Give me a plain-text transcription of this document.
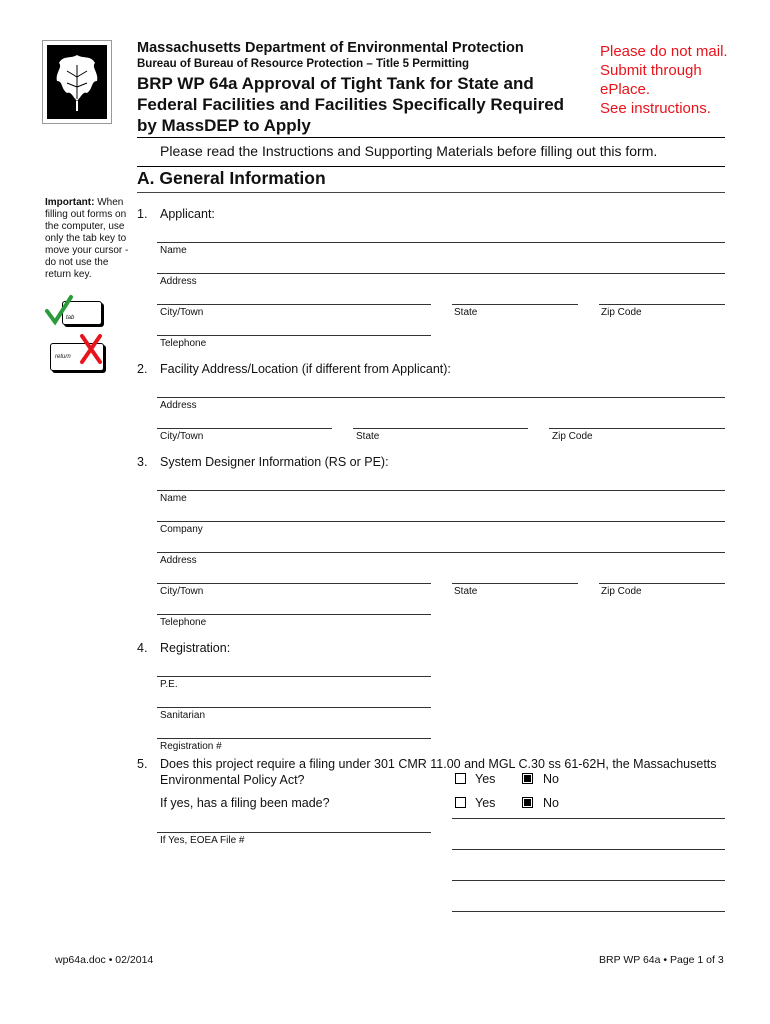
Massachusetts Department of Environmental Protection
Bureau of Bureau of Resource Protection – Title 5 Permitting
BRP WP 64a Approval of Tight Tank for State and
Federal Facilities and Facilities Specifically Required
by MassDEP to Apply
Please do not mail.
Submit through
ePlace.
See instructions.
Please read the Instructions and Supporting Materials before filling out this form.
A. General Information
Important: When filling out forms on the computer, use only the tab key to move your cursor - do not use the return key.
tab
return
1. Applicant:
Name
Address
City/Town	State	Zip Code
Telephone
2. Facility Address/Location (if different from Applicant):
Address
City/Town	State	Zip Code
3. System Designer Information (RS or PE):
Name
Company
Address
City/Town	State	Zip Code
Telephone
4. Registration:
P.E.
Sanitarian
Registration #
5. Does this project require a filing under 301 CMR 11.00 and MGL C.30 ss 61-62H, the Massachusetts
Environmental Policy Act?	Yes	No
If yes, has a filing been made?	Yes	No
If Yes, EOEA File #
wp64a.doc • 02/2014	BRP WP 64a • Page 1 of 3
